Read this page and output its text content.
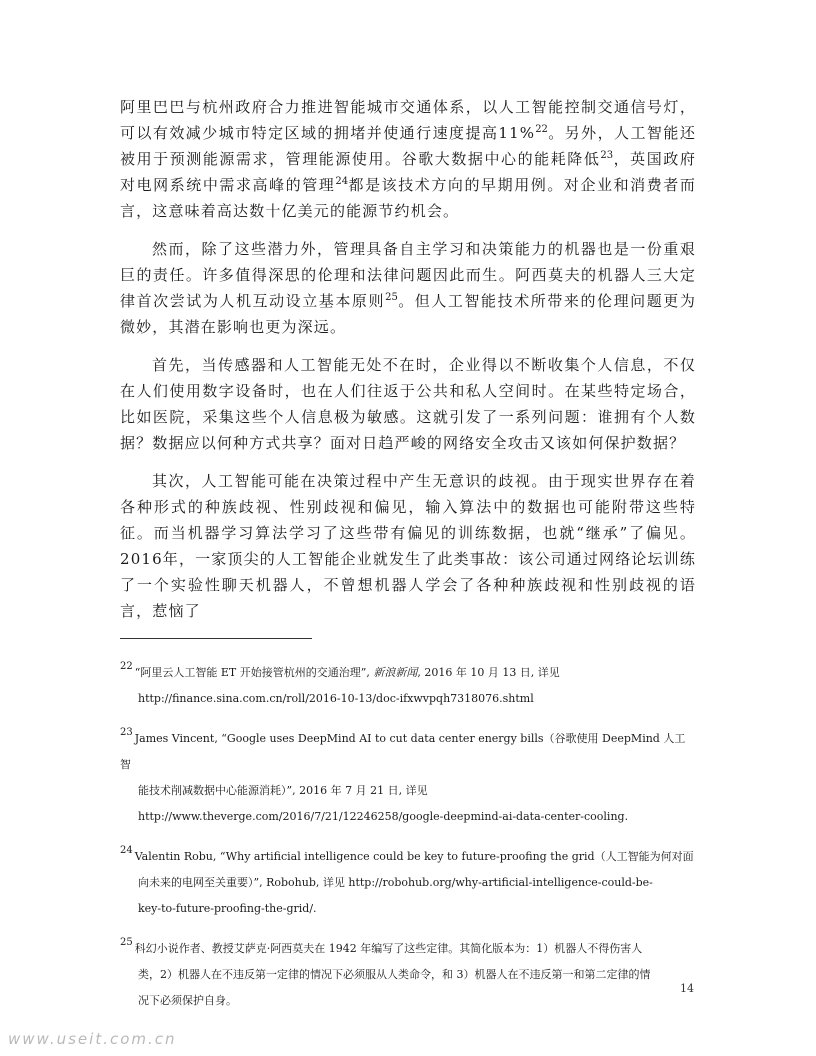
阿里巴巴与杭州政府合力推进智能城市交通体系，以人工智能控制交通信号灯，可以有效减少城市特定区域的拥堵并使通行速度提高11%$^{22}$。另外，人工智能还被用于预测能源需求，管理能源使用。谷歌大数据中心的能耗降低$^{23}$，英国政府对电网系统中需求高峰的管理$^{24}$都是该技术方向的早期用例。对企业和消费者而言，这意味着高达数十亿美元的能源节约机会。

然而，除了这些潜力外，管理具备自主学习和决策能力的机器也是一份重艰巨的责任。许多值得深思的伦理和法律问题因此而生。阿西莫夫的机器人三大定律首次尝试为人机互动设立基本原则$^{25}$。但人工智能技术所带来的伦理问题更为微妙，其潜在影响也更为深远。

首先，当传感器和人工智能无处不在时，企业得以不断收集个人信息，不仅在人们使用数字设备时，也在人们往返于公共和私人空间时。在某些特定场合，比如医院，采集这些个人信息极为敏感。这就引发了一系列问题：谁拥有个人数据？数据应以何种方式共享？面对日趋严峻的网络安全攻击又该如何保护数据？

其次，人工智能可能在决策过程中产生无意识的歧视。由于现实世界存在着各种形式的种族歧视、性别歧视和偏见，输入算法中的数据也可能附带这些特征。而当机器学习算法学习了这些带有偏见的训练数据，也就“继承”了偏见。2016年，一家顶尖的人工智能企业就发生了此类事故：该公司通过网络论坛训练了一个实验性聊天机器人，不曾想机器人学会了各种种族歧视和性别歧视的语言，惹恼了

22 “阿里云人工智能 ET 开始接管杭州的交通治理”, 新浪新闻, 2016 年 10 月 13 日, 详见
http://finance.sina.com.cn/roll/2016-10-13/doc-ifxwvpqh7318076.shtml
23 James Vincent, “Google uses DeepMind AI to cut data center energy bills（谷歌使用 DeepMind 人工智
能技术削减数据中心能源消耗）”, 2016 年 7 月 21 日, 详见
http://www.theverge.com/2016/7/21/12246258/google-deepmind-ai-data-center-cooling.
24 Valentin Robu, “Why artificial intelligence could be key to future-proofing the grid（人工智能为何对面
向未来的电网至关重要）”, Robohub, 详见 http://robohub.org/why-artificial-intelligence-could-be-
key-to-future-proofing-the-grid/.
25 科幻小说作者、教授艾萨克·阿西莫夫在 1942 年编写了这些定律。其简化版本为：1）机器人不得伤害人
类，2）机器人在不违反第一定律的情况下必须服从人类命令，和 3）机器人在不违反第一和第二定律的情
况下必须保护自身。
14
www.useit.com.cn
